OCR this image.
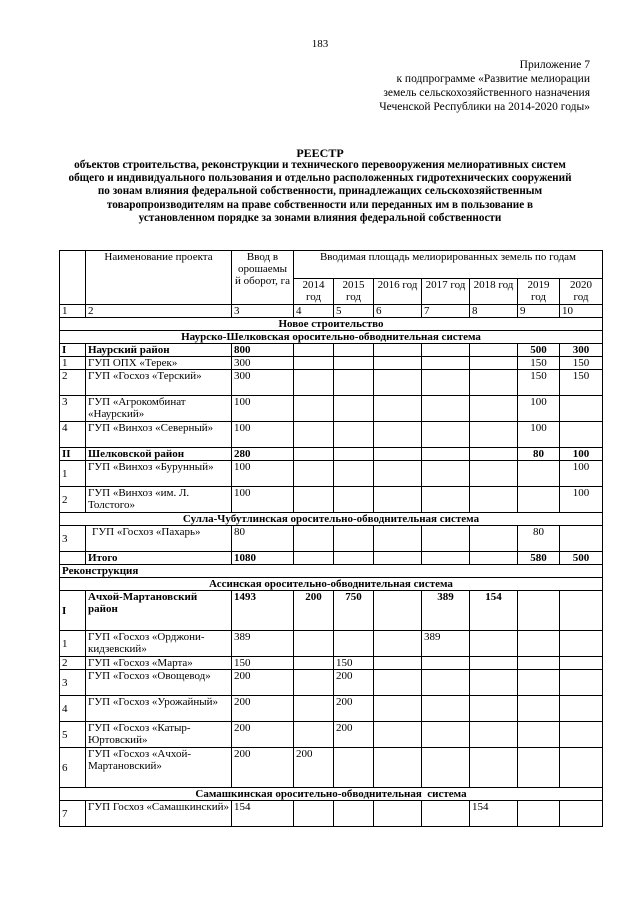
183
Приложение 7
к подпрограмме «Развитие мелиорации
земель сельскохозяйственного назначения
Чеченской Республики на 2014-2020 годы»
РЕЕСТР
объектов строительства, реконструкции и технического перевооружения мелиоративных систем общего и индивидуального пользования и отдельно расположенных гидротехнических сооружений по зонам влияния федеральной собственности, принадлежащих сельскохозяйственным товаропроизводителям на праве собственности или переданных им в пользование в установленном порядке за зонами влияния федеральной собственности
	Наименование проекта	Ввод в орошаемы й оборот, га	Вводимая площадь мелиорированных земель по годам						
			2014 год	2015 год	2016 год	2017 год	2018 год	2019 год	2020 год
1	2	3	4	5	6	7	8	9	10
Новое строительство									
Наурско-Шелковская оросительно-обводнительная система									
I	Наурский район	800						500	300
1	ГУП ОПХ «Терек»	300						150	150
2	ГУП «Госхоз «Терский»	300						150	150
3	ГУП «Агрокомбинат «Наурский»	100						100	
4	ГУП «Винхоз «Северный»	100						100	
II	Шелковской район	280						80	100
1	ГУП «Винхоз «Бурунный»	100							100
2	ГУП «Винхоз «им. Л. Толстого»	100							100
Сулла-Чубутлинская оросительно-обводнительная система									
3	ГУП «Госхоз «Пахарь»	80						80	
	Итого	1080						580	500
Реконструкция									
Ассинская оросительно-обводнительная система									
I	Ачхой-Мартановский район	1493	200	750		389	154		
1	ГУП «Госхоз «Орджони-кидзевский»	389				389			
2	ГУП «Госхоз «Марта»	150		150					
3	ГУП «Госхоз «Овощевод»	200		200					
4	ГУП «Госхоз «Урожайный»	200		200					
5	ГУП «Госхоз «Катыр-Юртовский»	200		200					
6	ГУП «Госхоз «Ачхой-Мартановский»	200	200						
Самашкинская оросительно-обводнительная  система									
7	ГУП Госхоз «Самашкинский»	154					154		
